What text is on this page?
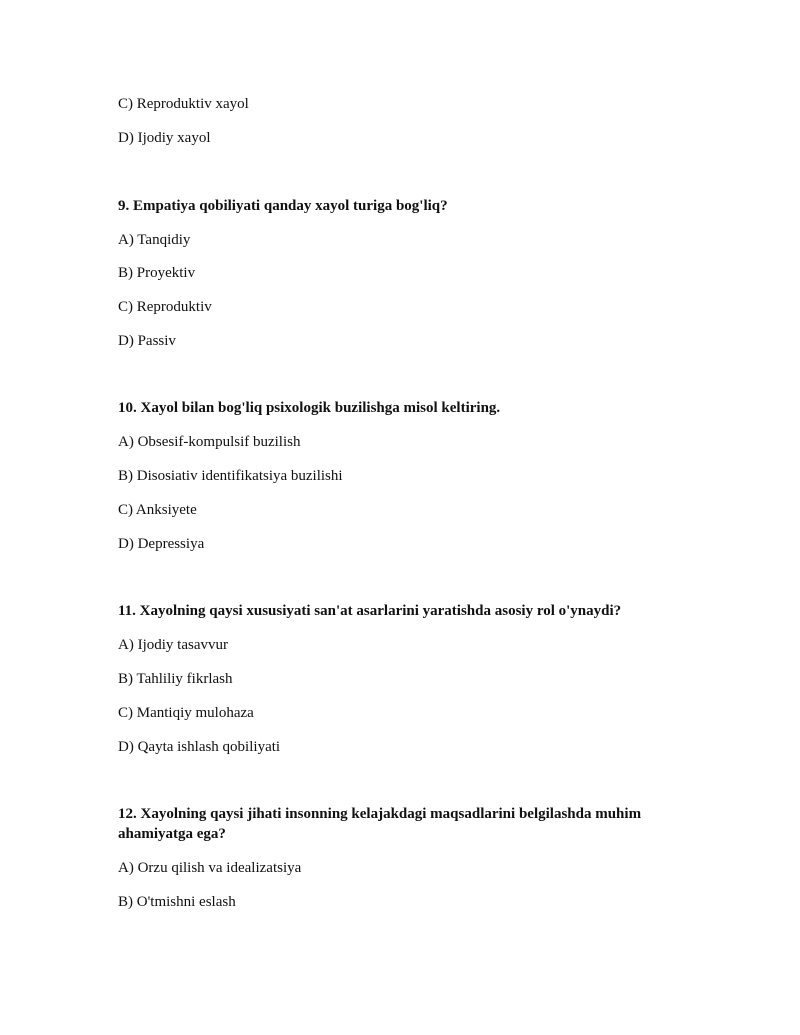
C) Reproduktiv xayol
D) Ijodiy xayol
9. Empatiya qobiliyati qanday xayol turiga bog'liq?
A) Tanqidiy
B) Proyektiv
C) Reproduktiv
D) Passiv
10. Xayol bilan bog'liq psixologik buzilishga misol keltiring.
A) Obsesif-kompulsif buzilish
B) Disosiativ identifikatsiya buzilishi
C) Anksiyete
D) Depressiya
11. Xayolning qaysi xususiyati san'at asarlarini yaratishda asosiy rol o'ynaydi?
A) Ijodiy tasavvur
B) Tahliliy fikrlash
C) Mantiqiy mulohaza
D) Qayta ishlash qobiliyati
12. Xayolning qaysi jihati insonning kelajakdagi maqsadlarini belgilashda muhim ahamiyatga ega?
A) Orzu qilish va idealizatsiya
B) O'tmishni eslash
